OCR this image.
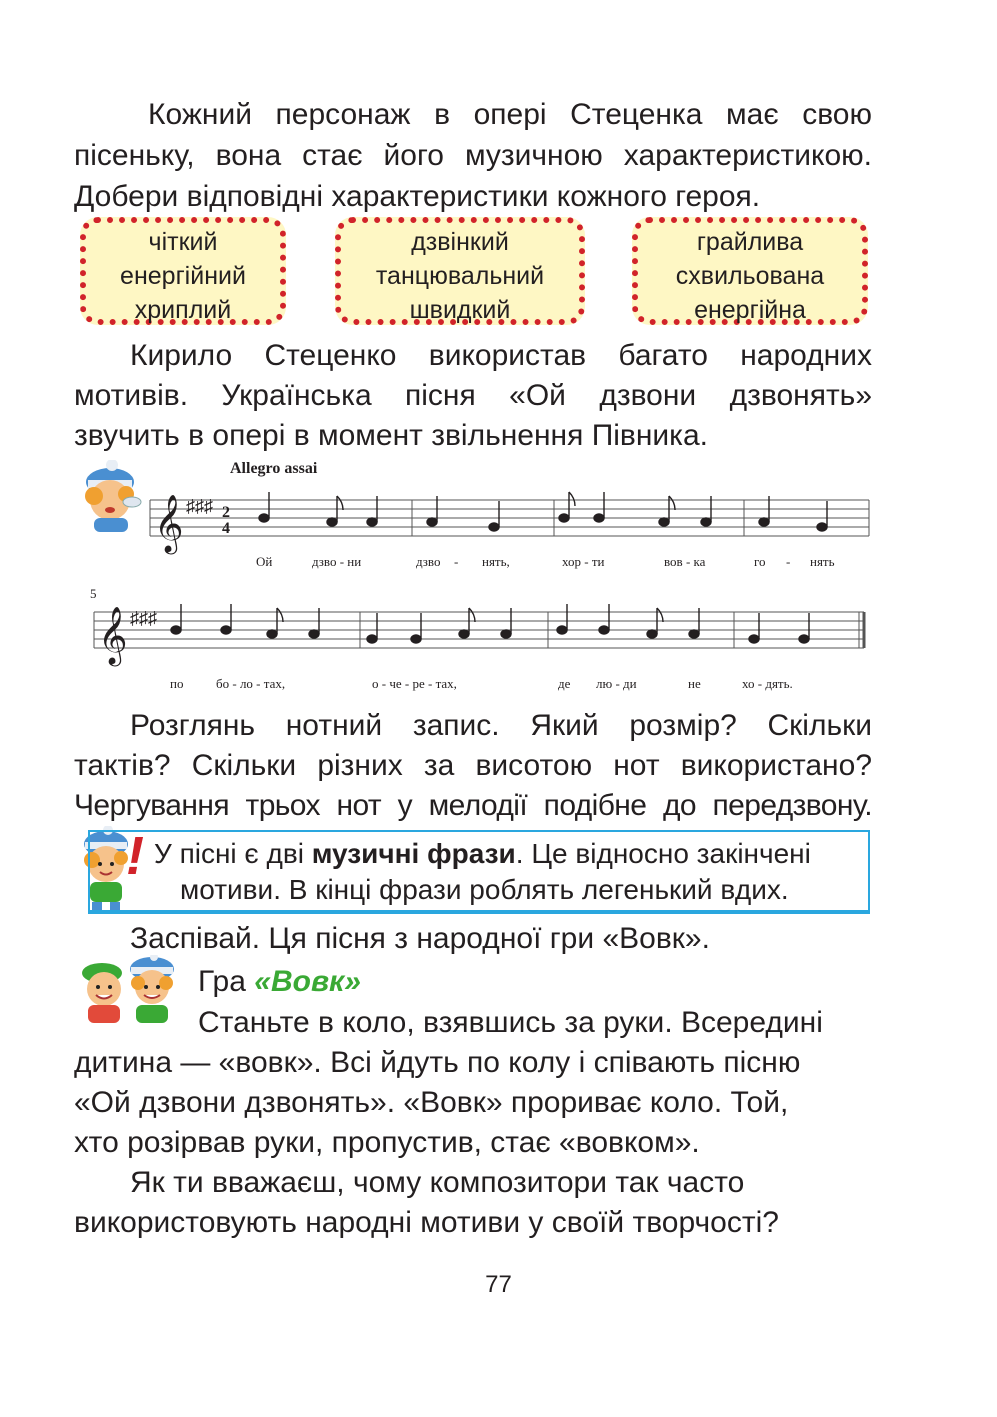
Кожний персонаж в опері Стеценка має свою
пісеньку, вона стає його музичною характеристикою.
Добери відповідні характеристики кожного героя.
чіткий
енергійний
хриплий
дзвінкий
танцювальний
швидкий
грайлива
схвильована
енергійна
Кирило Стеценко використав багато народних
мотивів. Українська пісня «Ой дзвони дзвонять»
звучить в опері в момент звільнення Півника.
Allegro assai
𝄞 ♯♯♯ 2
4
Ой	дзво - ни	дзво - нять,	хор - ти	вов - ка	го - нять
5
𝄞 ♯♯♯
по	бо - ло - тах,	о - че - ре - тах,	де лю - ди	не	хо - дять.
Розглянь нотний запис. Який розмір? Скільки
тактів? Скільки різних за висотою нот використано?
Чергування трьох нот у мелодії подібне до передзвону.
! У пісні є дві музичні фрази. Це відносно закінчені
мотиви. В кінці фрази роблять легенький вдих.
Заспівай. Ця пісня з народної гри «Вовк».
Гра «Вовк»
Станьте в коло, взявшись за руки. Всередині
дитина — «вовк». Всі йдуть по колу і співають пісню
«Ой дзвони дзвонять». «Вовк» прориває коло. Той,
хто розірвав руки, пропустив, стає «вовком».
Як ти вважаєш, чому композитори так часто
використовують народні мотиви у своїй творчості?
77
